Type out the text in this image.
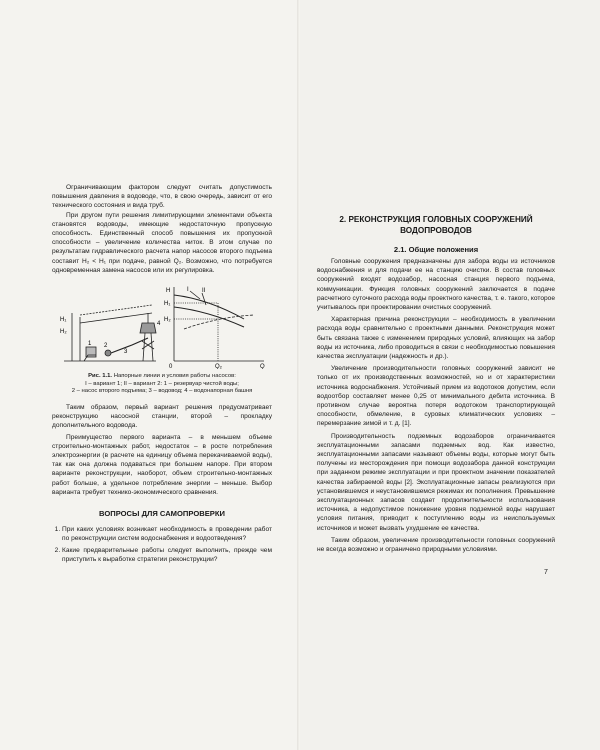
Ограничивающим фактором следует считать допустимость повышения давления в водоводе, что, в свою очередь, зависит от его технического состояния и вида труб.

При другом пути решения лимитирующими элементами объекта становятся водоводы, имеющие недостаточную пропускную способность. Единственный способ повышения их пропускной способности – увеличение количества ниток. В этом случае по результатам гидравлического расчета напор насосов второго подъема составит H₂ < H₁ при подаче, равной Q₂. Возможно, что потребуется одновременная замена насосов или их регулировка.

H₁
H₂
1 2
3
4
H
H₁
H₂
I II
0	Q₂	Q
Рис. 1.1. Напорные линии и условия работы насосов:
I – вариант 1; II – вариант 2: 1 – резервуар чистой воды;
2 – насос второго подъема; 3 – водовод; 4 – водонапорная башня

Таким образом, первый вариант решения предусматривает реконструкцию насосной станции, второй – прокладку дополнительного водовода.

Преимущество первого варианта – в меньшем объеме строительно-монтажных работ, недостаток – в росте потребления электроэнергии (в расчете на единицу объема перекачиваемой воды), так как она должна подаваться при большем напоре. При втором варианте реконструкции, наоборот, объем строительно-монтажных работ больше, а удельное потребление энергии – меньше. Выбор варианта требует технико-экономического сравнения.

ВОПРОСЫ ДЛЯ САМОПРОВЕРКИ
1. При каких условиях возникает необходимость в проведении работ по реконструкции систем водоснабжения и водоотведения?
2. Какие предварительные работы следует выполнить, прежде чем приступить к выработке стратегии реконструкции?
2. РЕКОНСТРУКЦИЯ ГОЛОВНЫХ СООРУЖЕНИЙ ВОДОПРОВОДОВ
2.1. Общие положения

Головные сооружения предназначены для забора воды из источников водоснабжения и для подачи ее на станцию очистки. В состав головных сооружений входят водозабор, насосная станция первого подъема, коммуникации. Функция головных сооружений заключается в подаче расчетного суточного расхода воды проектного качества, т. е. такого, которое учитывалось при проектировании очистных сооружений.

Характерная причина реконструкции – необходимость в увеличении расхода воды сравнительно с проектными данными. Реконструкция может быть связана также с изменением природных условий, влияющих на забор воды из источника, либо проводиться в связи с необходимостью повышения качества эксплуатации (надежность и др.).

Увеличение производительности головных сооружений зависит не только от их производственных возможностей, но и от характеристики источника водоснабжения. Устойчивый прием из водотоков допустим, если водоотбор составляет менее 0,25 от минимального дебита источника. В противном случае вероятна потеря водотоком транспортирующей способности, обмеление, в суровых климатических условиях – перемерзание зимой и т. д. [1].

Производительность подземных водозаборов ограничивается эксплуатационными запасами подземных вод. Как известно, эксплуатационными запасами называют объемы воды, которые могут быть получены из месторождения при помощи водозабора данной конструкции при заданном режиме эксплуатации и при проектном значении показателей качества забираемой воды [2]. Эксплуатационные запасы реализуются при установившемся и неустановившемся режимах их пополнения. Превышение эксплуатационных запасов создает продолжительности использования источника, а недопустимое понижение уровня подземной воды нарушает условия питания, приводит к поступлению воды из неиспользуемых источников и может вызвать ухудшение ее качества.

Таким образом, увеличение производительности головных сооружений не всегда возможно и ограничено природными условиями.

7
